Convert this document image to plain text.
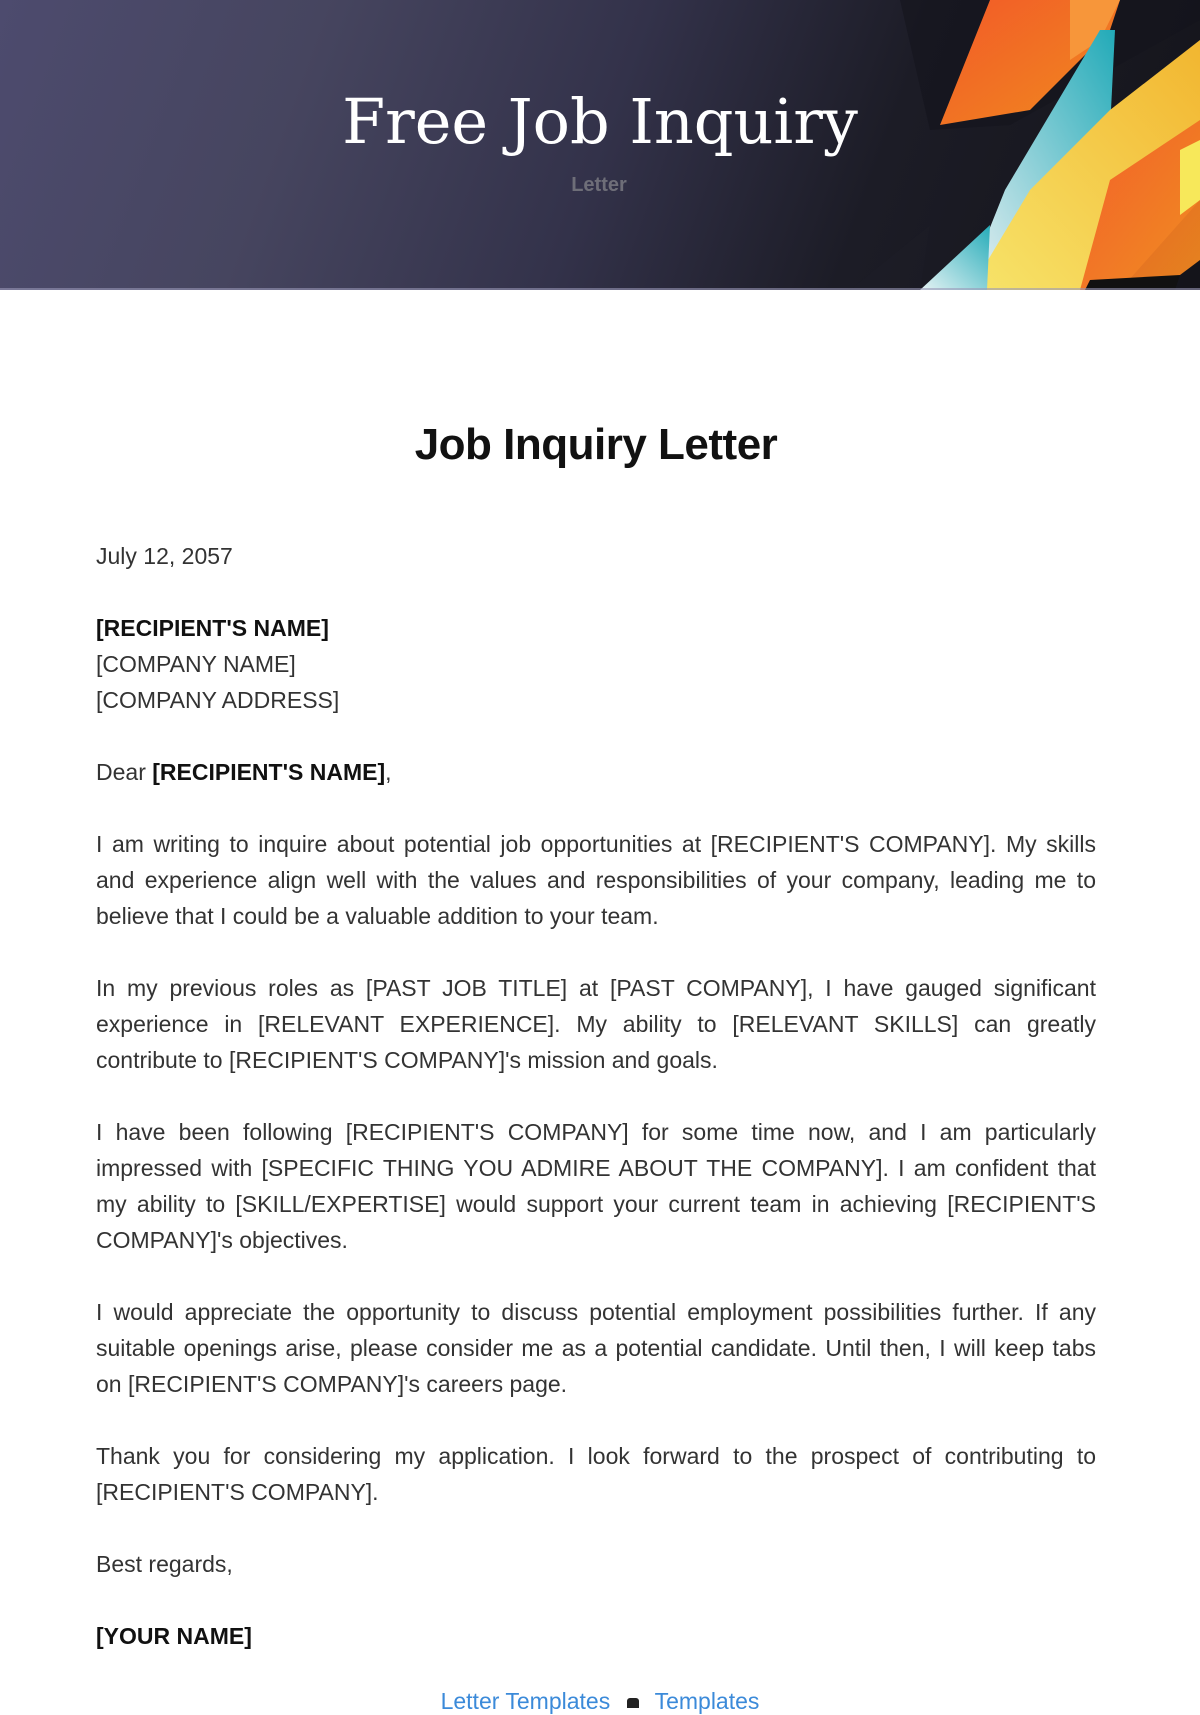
Free Job Inquiry
Letter
Job Inquiry Letter
July 12, 2057
[RECIPIENT'S NAME]
[COMPANY NAME]
[COMPANY ADDRESS]
Dear [RECIPIENT'S NAME],

I am writing to inquire about potential job opportunities at [RECIPIENT'S COMPANY]. My skills and experience align well with the values and responsibilities of your company, leading me to believe that I could be a valuable addition to your team.

In my previous roles as [PAST JOB TITLE] at [PAST COMPANY], I have gauged significant experience in [RELEVANT EXPERIENCE]. My ability to [RELEVANT SKILLS] can greatly contribute to [RECIPIENT'S COMPANY]'s mission and goals.

I have been following [RECIPIENT'S COMPANY] for some time now, and I am particularly impressed with [SPECIFIC THING YOU ADMIRE ABOUT THE COMPANY]. I am confident that my ability to [SKILL/EXPERTISE] would support your current team in achieving [RECIPIENT'S COMPANY]'s objectives.

I would appreciate the opportunity to discuss potential employment possibilities further. If any suitable openings arise, please consider me as a potential candidate. Until then, I will keep tabs on [RECIPIENT'S COMPANY]'s careers page.

Thank you for considering my application. I look forward to the prospect of contributing to [RECIPIENT'S COMPANY].

Best regards,
[YOUR NAME]
Letter Templates Templates
